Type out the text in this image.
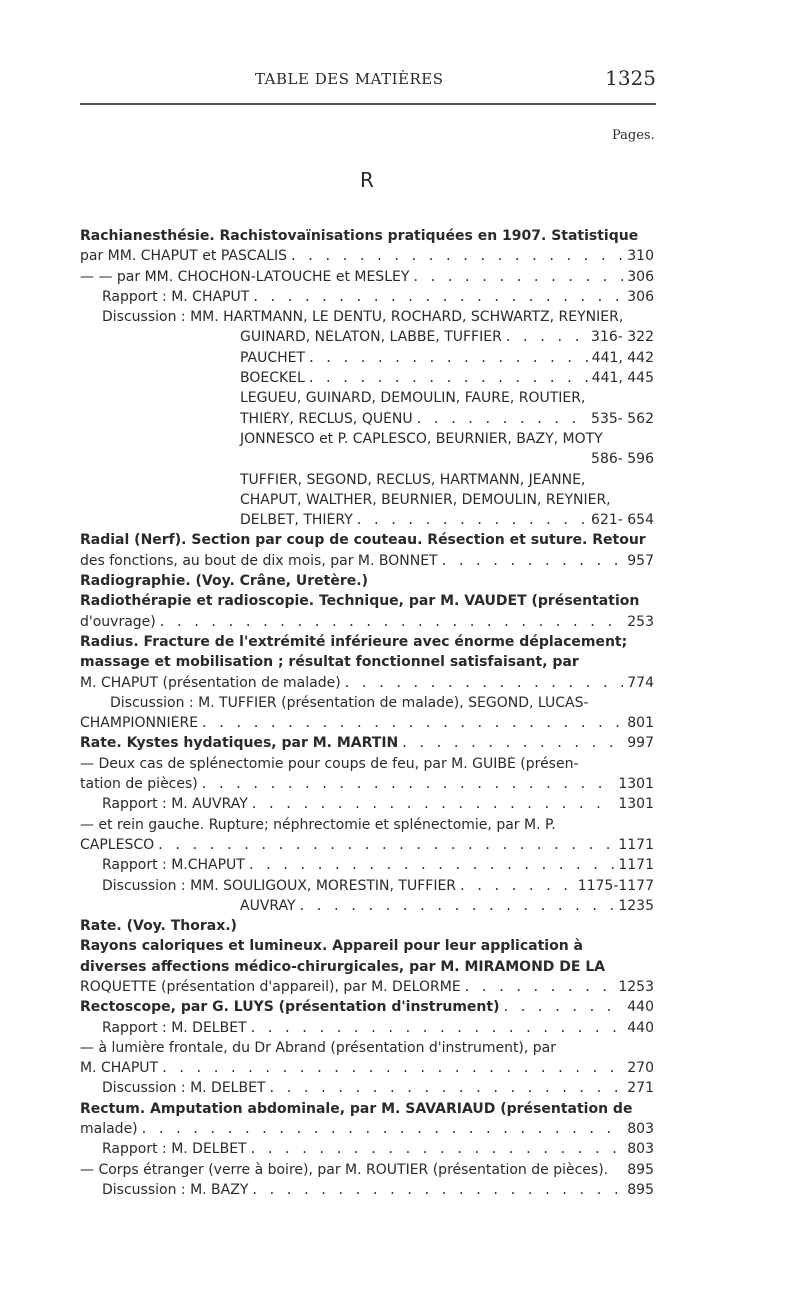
TABLE DES MATIÈRES	1325
Pages.
R
Rachianesthésie. Rachistovaïnisations pratiquées en 1907. Statistique
par MM. CHAPUT et PASCALIS . . .	310
— — par MM. CHOCHON-LATOUCHE et MESLEY . . .	306
Rapport : M. CHAPUT . . .	306
Discussion : MM. HARTMANN, LE DENTU, ROCHARD, SCHWARTZ, REYNIER,
GUINARD, NÉLATON, LABBÉ, TUFFIER . . .	316- 322
PAUCHET . . .	441, 442
BOECKEL . . .	441, 445
LEGUEU, GUINARD, DEMOULIN, FAURE, ROUTIER,
THIÉRY, RECLUS, QUÉNU . . .	535- 562
JONNESCO et P. CAPLESCO, BEURNIER, BAZY, MOTY
586- 596
TUFFIER, SEGOND, RECLUS, HARTMANN, JEANNE,
CHAPUT, WALTHER, BEURNIER, DEMOULIN, REYNIER,
DELBET, THIÉRY . . .	621- 654
Radial (Nerf). Section par coup de couteau. Résection et suture. Retour
des fonctions, au bout de dix mois, par M. BONNET . . .	957
Radiographie. (Voy. Crâne, Uretère.)
Radiothérapie et radioscopie. Technique, par M. VAUDET (présentation
d'ouvrage) . . .	253
Radius. Fracture de l'extrémité inférieure avec énorme déplacement;
massage et mobilisation ; résultat fonctionnel satisfaisant, par
M. CHAPUT (présentation de malade) . . .	774
Discussion : M. TUFFIER (présentation de malade), SEGOND, LUCAS-
CHAMPIONNIÈRE . . .	801
Rate. Kystes hydatiques, par M. MARTIN . . .	997
— Deux cas de splénectomie pour coups de feu, par M. GUIBÉ (présen-
tation de pièces) . . .	1301
Rapport : M. AUVRAY . . .	1301
— et rein gauche. Rupture; néphrectomie et splénectomie, par M. P.
CAPLESCO . . .	1171
Rapport : M.CHAPUT . . .	1171
Discussion : MM. SOULIGOUX, MORESTIN, TUFFIER . . .	1175-1177
AUVRAY . . .	1235
Rate. (Voy. Thorax.)
Rayons caloriques et lumineux. Appareil pour leur application à
diverses affections médico-chirurgicales, par M. MIRAMOND DE LA
ROQUETTE (présentation d'appareil), par M. DELORME . . .	1253
Rectoscope, par G. LUYS (présentation d'instrument) . . .	440
Rapport : M. DELBET . . .	440
— à lumière frontale, du Dr Abrand (présentation d'instrument), par
M. CHAPUT . . .	270
Discussion : M. DELBET . . .	271
Rectum. Amputation abdominale, par M. SAVARIAUD (présentation de
malade) . . .	803
Rapport : M. DELBET . . .	803
— Corps étranger (verre à boire), par M. ROUTIER (présentation de pièces). 895
Discussion : M. BAZY . . .	895
